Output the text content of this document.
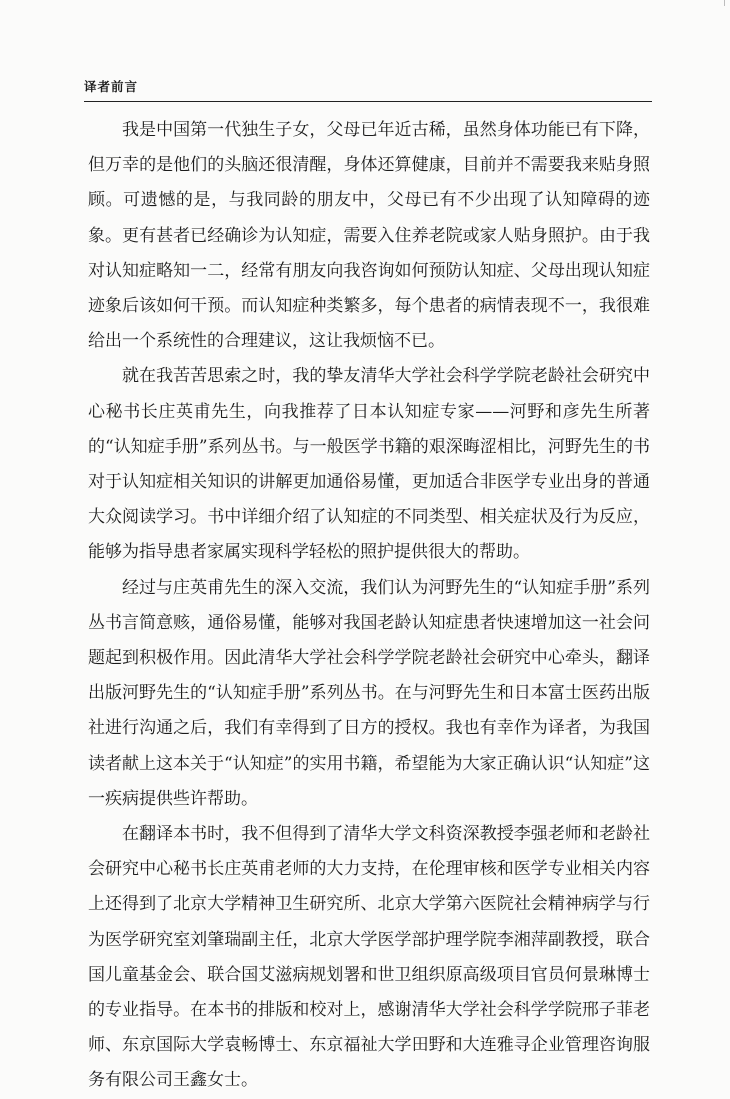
译者前言

我是中国第一代独生子女，父母已年近古稀，虽然身体功能已有下降，但万幸的是他们的头脑还很清醒，身体还算健康，目前并不需要我来贴身照顾。可遗憾的是，与我同龄的朋友中，父母已有不少出现了认知障碍的迹象。更有甚者已经确诊为认知症，需要入住养老院或家人贴身照护。由于我对认知症略知一二，经常有朋友向我咨询如何预防认知症、父母出现认知症迹象后该如何干预。而认知症种类繁多，每个患者的病情表现不一，我很难给出一个系统性的合理建议，这让我烦恼不已。

就在我苦苦思索之时，我的挚友清华大学社会科学学院老龄社会研究中心秘书长庄英甫先生，向我推荐了日本认知症专家——河野和彦先生所著的“认知症手册”系列丛书。与一般医学书籍的艰深晦涩相比，河野先生的书对于认知症相关知识的讲解更加通俗易懂，更加适合非医学专业出身的普通大众阅读学习。书中详细介绍了认知症的不同类型、相关症状及行为反应，能够为指导患者家属实现科学轻松的照护提供很大的帮助。

经过与庄英甫先生的深入交流，我们认为河野先生的“认知症手册”系列丛书言简意赅，通俗易懂，能够对我国老龄认知症患者快速增加这一社会问题起到积极作用。因此清华大学社会科学学院老龄社会研究中心牵头，翻译出版河野先生的“认知症手册”系列丛书。在与河野先生和日本富士医药出版社进行沟通之后，我们有幸得到了日方的授权。我也有幸作为译者，为我国读者献上这本关于“认知症”的实用书籍，希望能为大家正确认识“认知症”这一疾病提供些许帮助。

在翻译本书时，我不但得到了清华大学文科资深教授李强老师和老龄社会研究中心秘书长庄英甫老师的大力支持，在伦理审核和医学专业相关内容上还得到了北京大学精神卫生研究所、北京大学第六医院社会精神病学与行为医学研究室刘肇瑞副主任，北京大学医学部护理学院李湘萍副教授，联合国儿童基金会、联合国艾滋病规划署和世卫组织原高级项目官员何景琳博士的专业指导。在本书的排版和校对上，感谢清华大学社会科学学院邢子菲老师、东京国际大学袁畅博士、东京福祉大学田野和大连雅寻企业管理咨询服务有限公司王鑫女士。
